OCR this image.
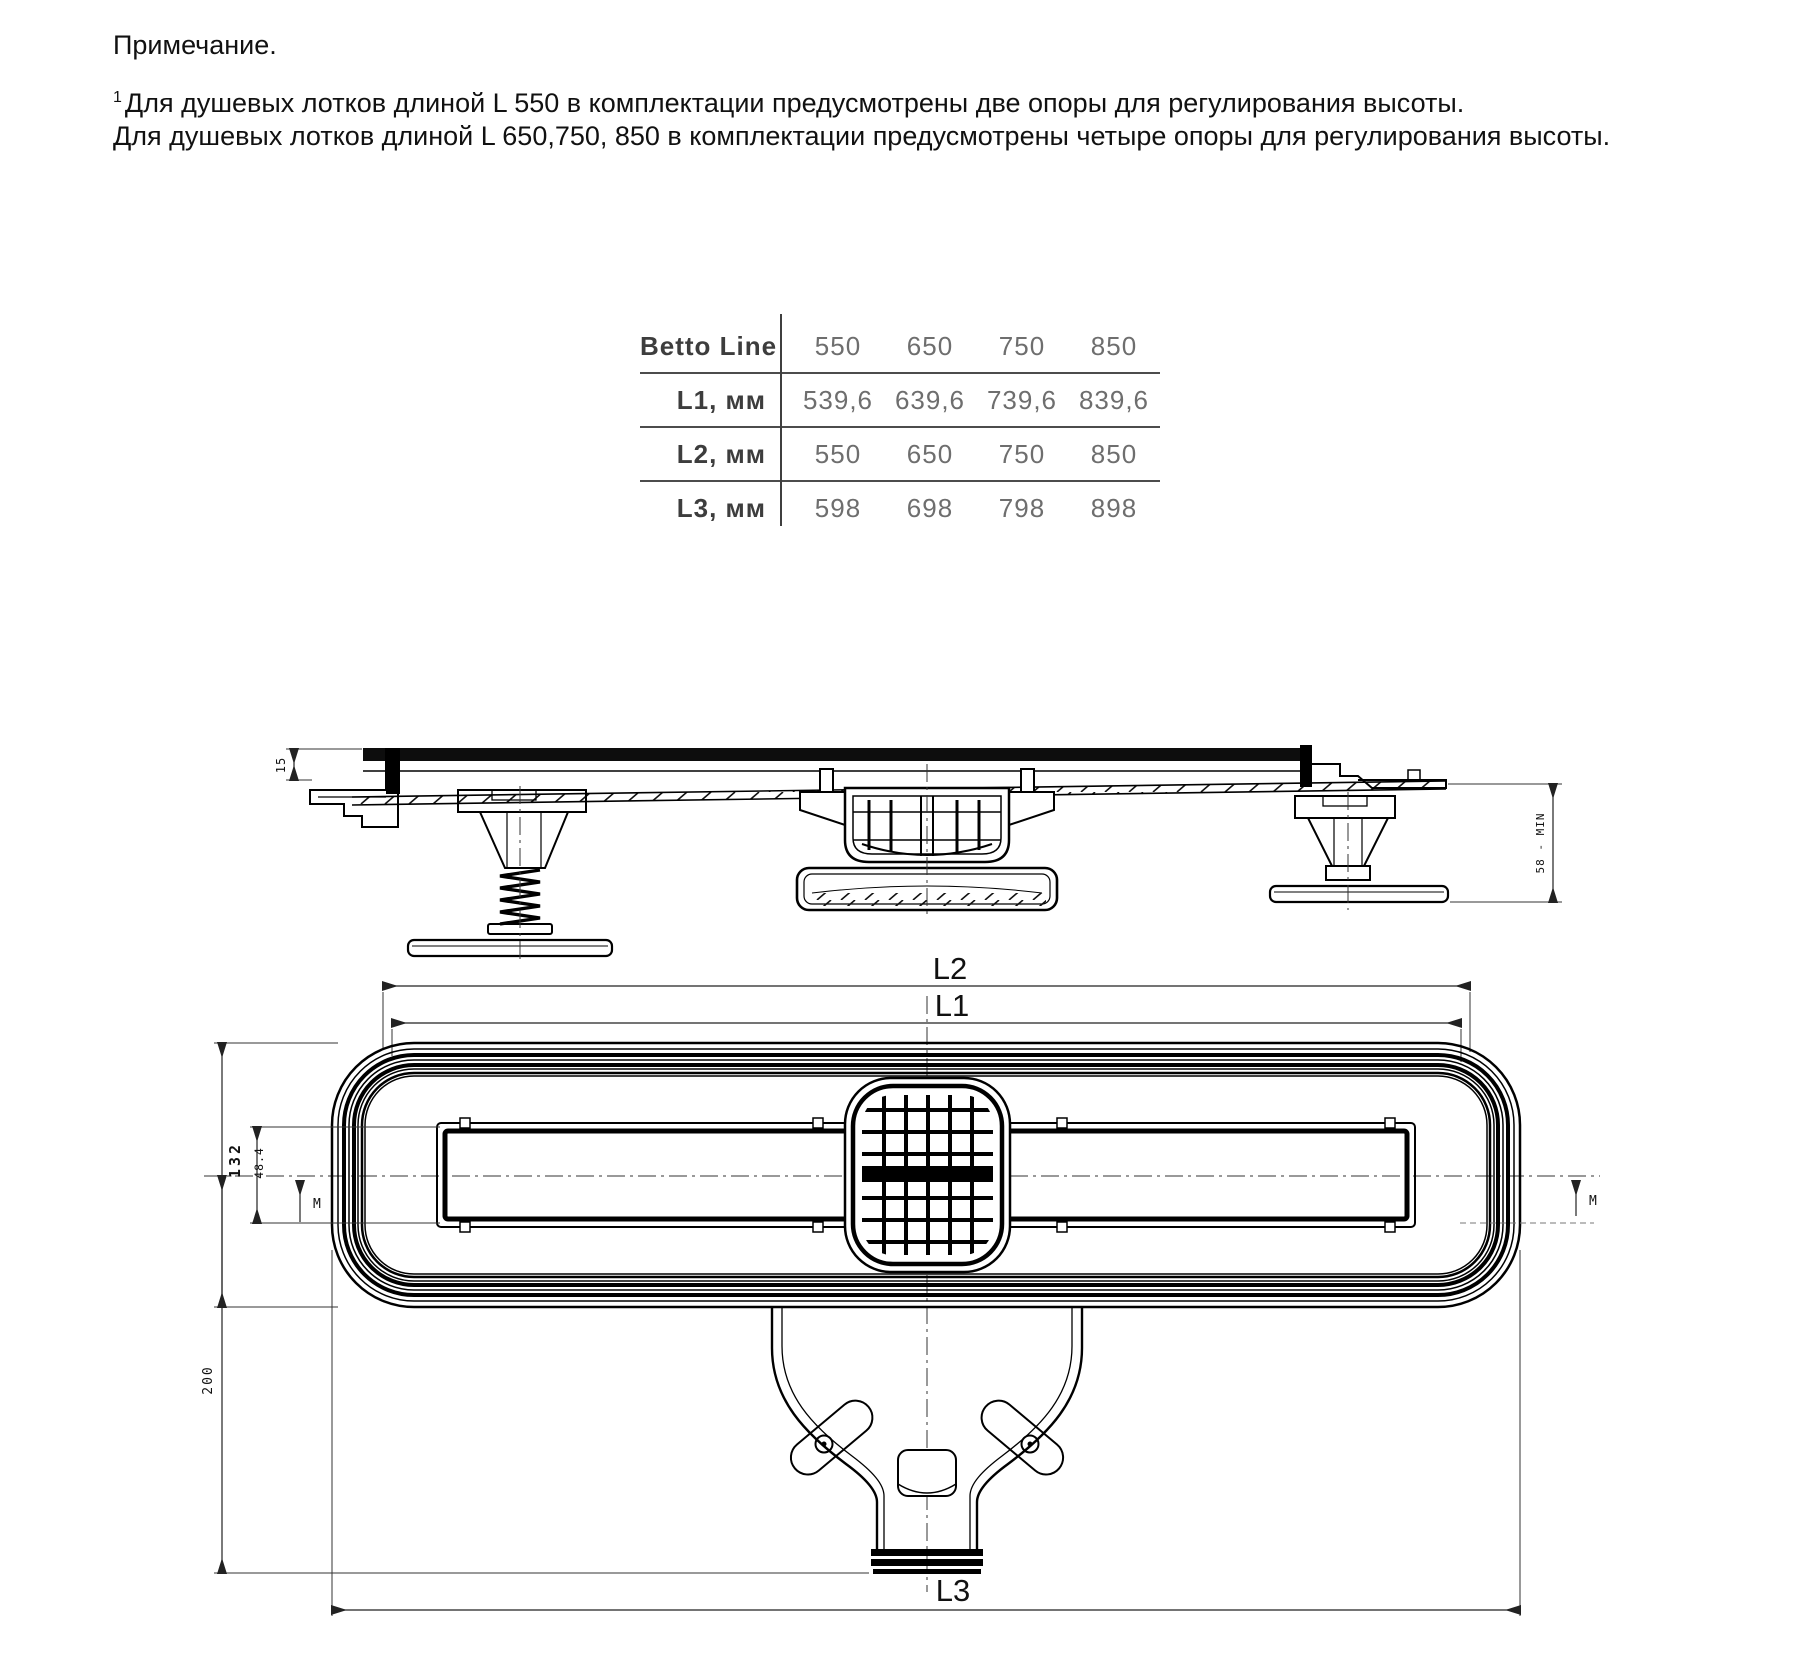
Примечание.
$^1$ Для душевых лотков длиной L 550 в комплектации предусмотрены две опоры для регулирования высоты.
Для душевых лотков длиной L 650,750, 850 в комплектации предусмотрены четыре опоры для регулирования высоты.
Betto Line	550	650	750	850
L1, мм	539,6 639,6 739,6 839,6
L2, мм	550	650	750	850
L3, мм	598	698	798	898
15
58 - MIN
L2
L1
132 48.4
M	M
200
L3
